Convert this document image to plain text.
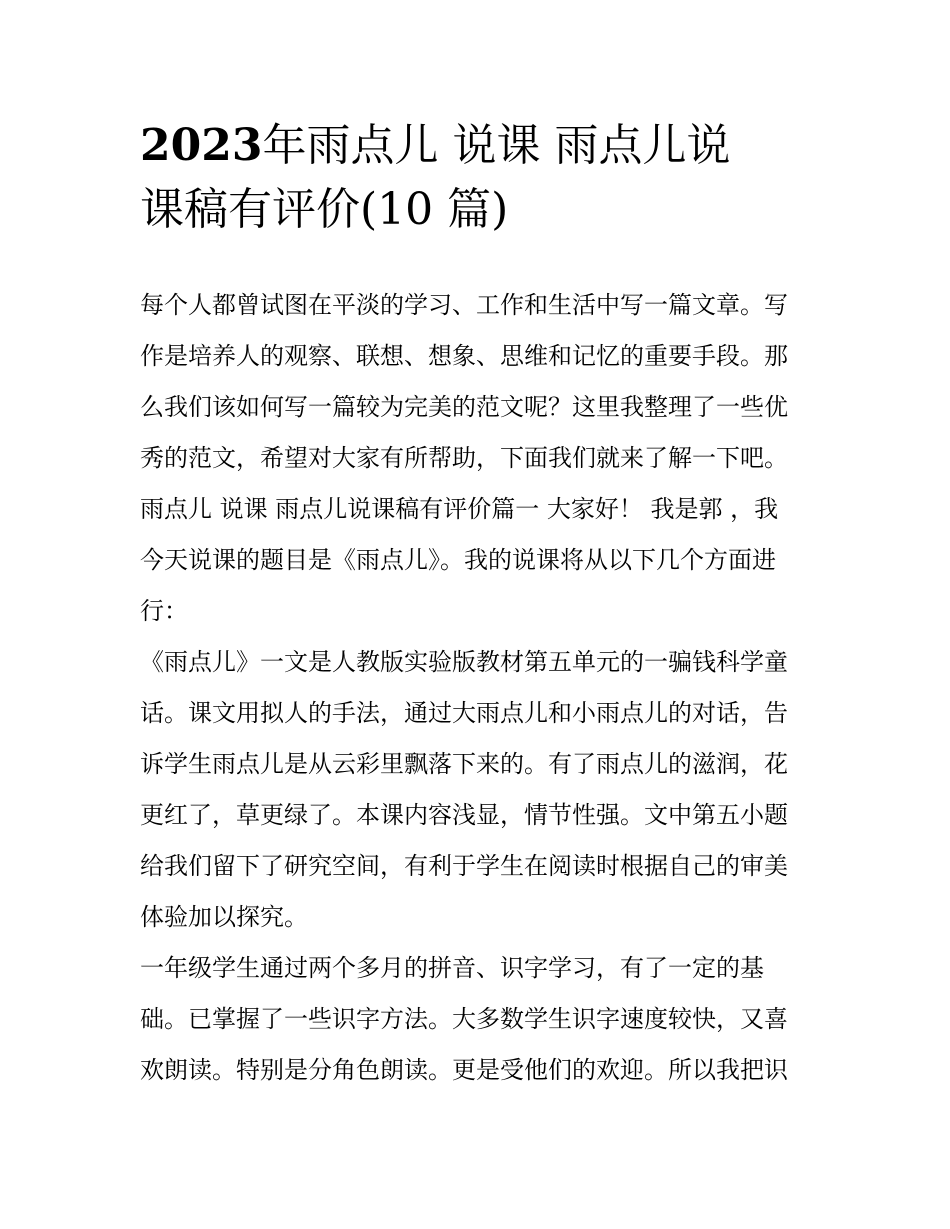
2023年雨点儿 说课 雨点儿说
课稿有评价(10 篇)
每个人都曾试图在平淡的学习、工作和生活中写一篇文章。写
作是培养人的观察、联想、想象、思维和记忆的重要手段。那
么我们该如何写一篇较为完美的范文呢？这里我整理了一些优
秀的范文，希望对大家有所帮助，下面我们就来了解一下吧。
雨点儿 说课 雨点儿说课稿有评价篇一 大家好！ 我是郭 ，我
今天说课的题目是《雨点儿》。我的说课将从以下几个方面进
行：
《雨点儿》一文是人教版实验版教材第五单元的一骗钱科学童
话。课文用拟人的手法，通过大雨点儿和小雨点儿的对话，告
诉学生雨点儿是从云彩里飘落下来的。有了雨点儿的滋润，花
更红了，草更绿了。本课内容浅显，情节性强。文中第五小题
给我们留下了研究空间，有利于学生在阅读时根据自己的审美
体验加以探究。
一年级学生通过两个多月的拼音、识字学习，有了一定的基
础。已掌握了一些识字方法。大多数学生识字速度较快，又喜
欢朗读。特别是分角色朗读。更是受他们的欢迎。所以我把识
